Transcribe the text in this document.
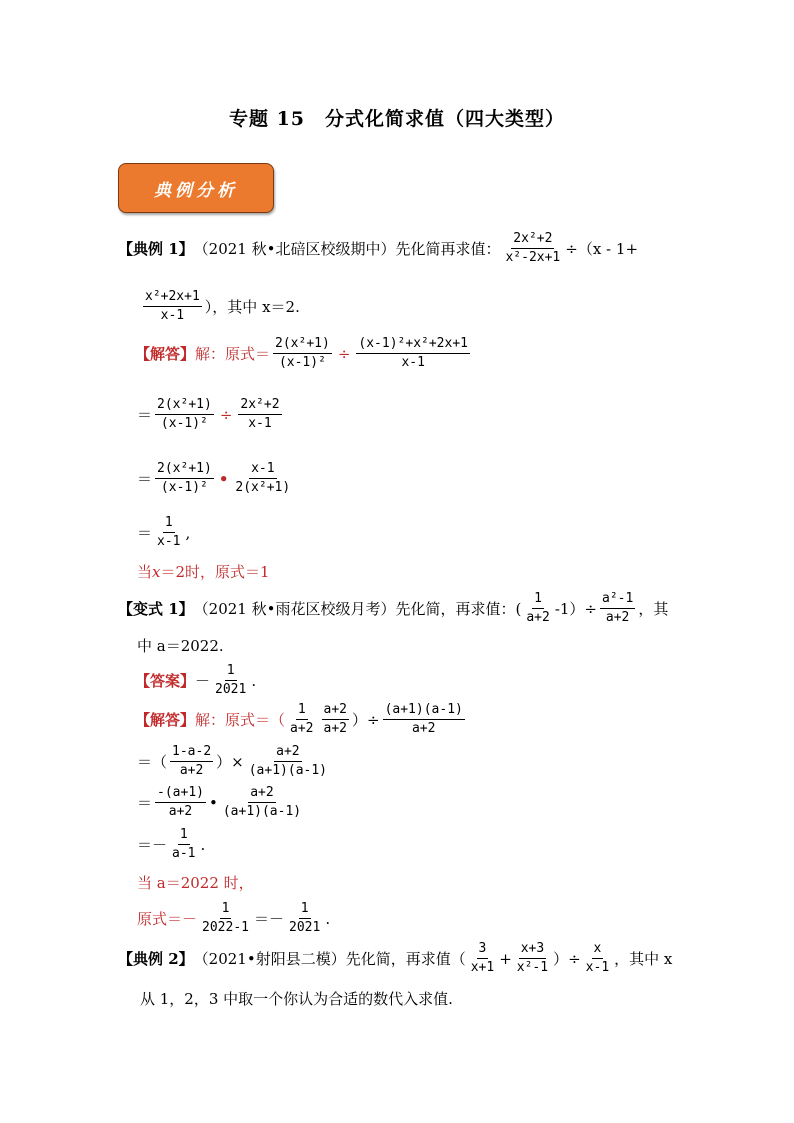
专题 15　分式化简求值（四大类型）
典例分析
【典例 1】 （2021 秋•北碚区校级期中）先化简再求值： $\frac{\text{2x²+2}}{\text{x²-2x+1}} \div(x - 1+$
$\frac{\text{x²+2x+1}}{x-1}$ ），其中 x＝2.
【解答】 解：原式＝ $\frac{\text{2(x²+1)}}{\text{(x-1)²}} \div \frac{\text{(x-1)²+x²+2x+1}}{x-1}$
＝ $\frac{\text{2(x²+1)}}{\text{(x-1)²}} \div \frac{\text{2x²+2}}{x-1}$
＝ $\frac{\text{2(x²+1)}}{\text{(x-1)²}}$ • $\frac{x-1}{\text{2(x²+1)}}$
＝ $\frac{1}{x-1}$ ,
当 x ＝ 2 时，原式＝1
【变式 1】 （2021 秋•雨花区校级月考）先化简，再求值： ( $\frac{1}{a+2} -1)\div \frac{\text{a²-1}}{a+2}$ ，其
中 a＝2022.
【答案】 － $\frac{1}{2021}$ .
【解答】 解：原式＝（ $\frac{1}{a+2} \frac{a+2}{a+2}$ ）÷ $\frac{(a+1)(a-1)}{a+2}$
＝（ $\frac{1-a-2}{a+2}$ ）× $\frac{a+2}{(a+1)(a-1)}$
＝ $\frac{-(a+1)}{a+2}$ • $\frac{a+2}{(a+1)(a-1)}$
＝－ $\frac{1}{a-1}$ .
当 a＝2022 时，
原式＝－ $\frac{1}{2022-1} =- \frac{1}{2021}$ .
【典例 2】 （2021•射阳县二模）先化简，再求值 （ $\frac{3}{x+1} + \frac{x+3}{\text{x²-1}}$ ）÷ $\frac{x}{x-1}$ ，其中 x
从 1，2，3 中取一个你认为合适的数代入求值.
